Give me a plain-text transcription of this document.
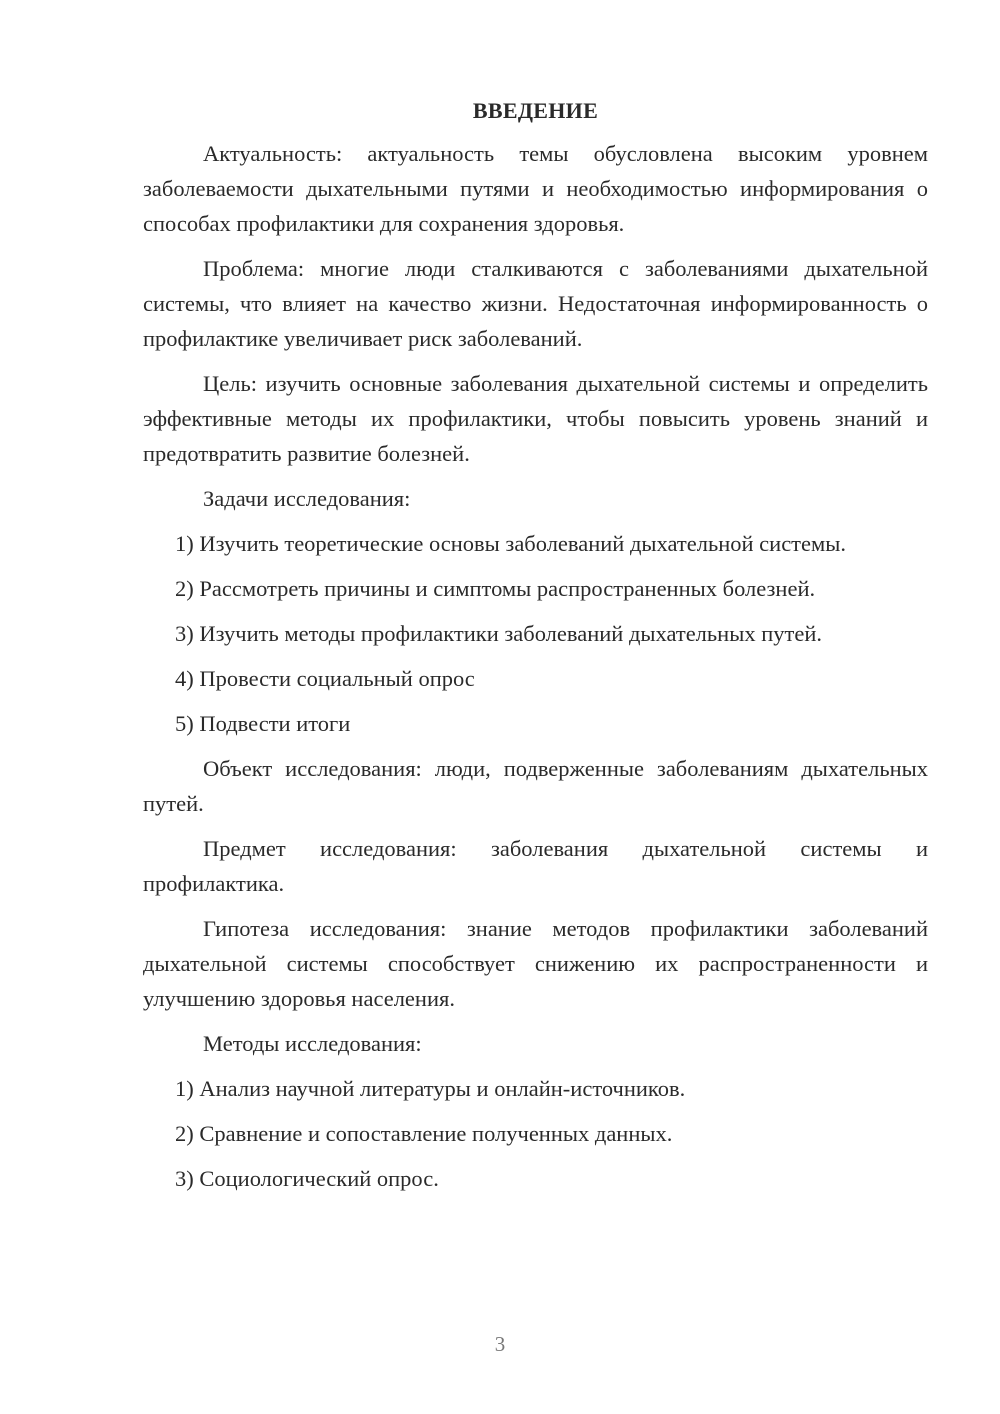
ВВЕДЕНИЕ

Актуальность: актуальность темы обусловлена высоким уровнем заболеваемости дыхательными путями и необходимостью информирования о способах профилактики для сохранения здоровья.

Проблема: многие люди сталкиваются с заболеваниями дыхательной системы, что влияет на качество жизни. Недостаточная информированность о профилактике увеличивает риск заболеваний.

Цель: изучить основные заболевания дыхательной системы и определить эффективные методы их профилактики, чтобы повысить уровень знаний и предотвратить развитие болезней.

Задачи исследования:

1) Изучить теоретические основы заболеваний дыхательной системы.

2) Рассмотреть причины и симптомы распространенных болезней.

3) Изучить методы профилактики заболеваний дыхательных путей.

4) Провести социальный опрос

5) Подвести итоги

Объект исследования: люди, подверженные заболеваниям дыхательных путей.

Предмет исследования: заболевания дыхательной системы и профилактика.

Гипотеза исследования: знание методов профилактики заболеваний дыхательной системы способствует снижению их распространенности и улучшению здоровья населения.

Методы исследования:

1) Анализ научной литературы и онлайн-источников.

2) Сравнение и сопоставление полученных данных.

3) Социологический опрос.

3
